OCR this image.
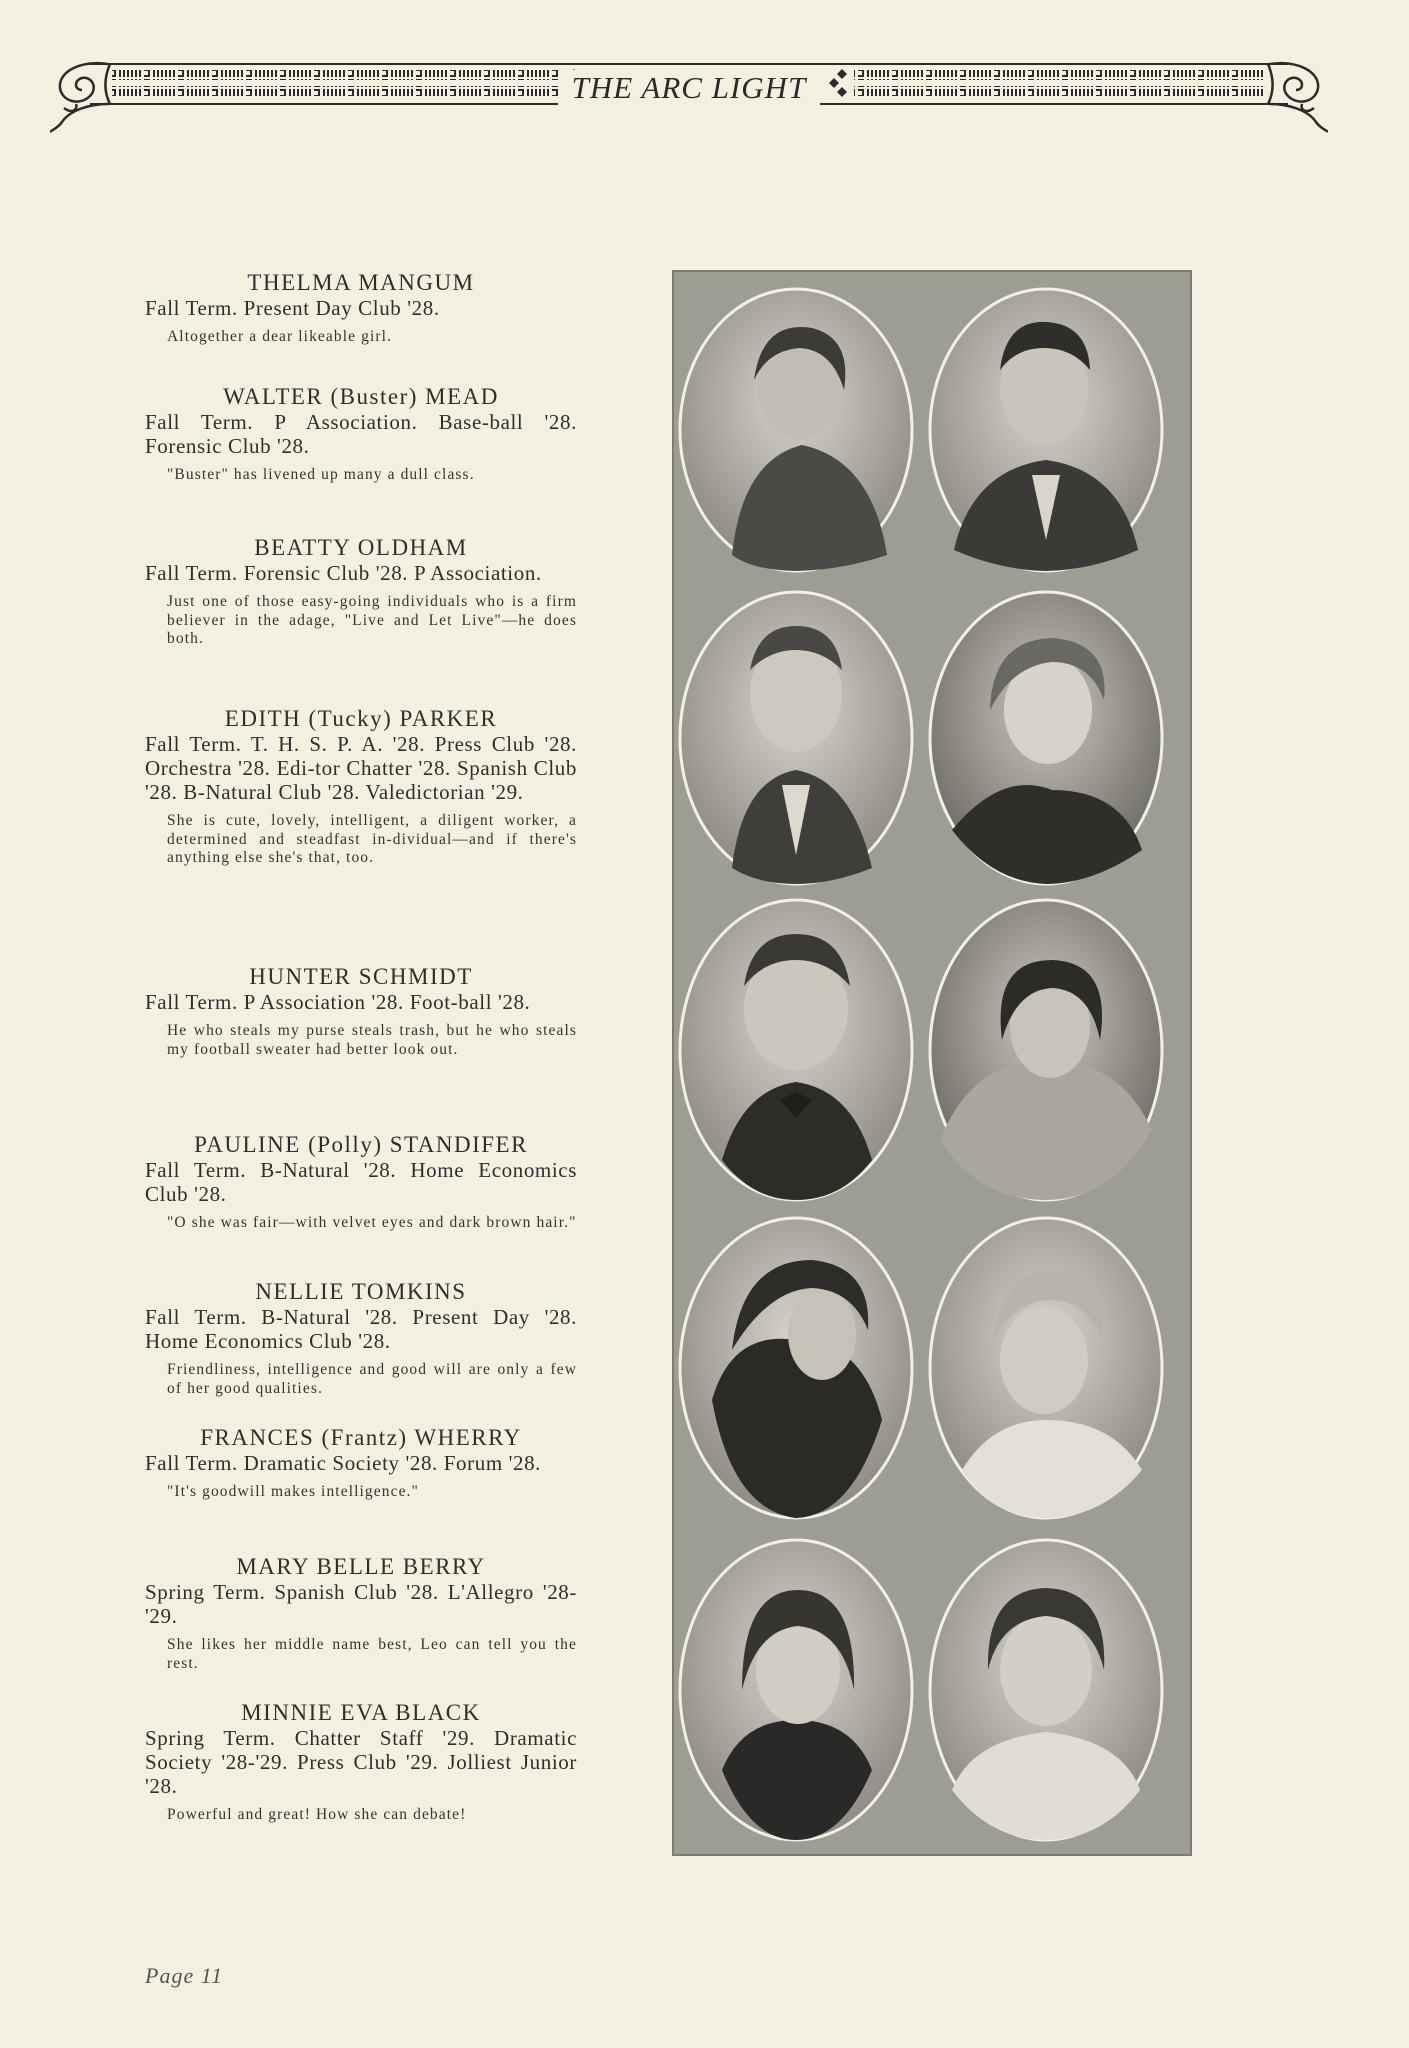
THE ARC LIGHT
THELMA MANGUM
Fall Term. Present Day Club '28.
Altogether a dear likeable girl.
WALTER (Buster) MEAD
Fall Term. P Association. Base-ball '28. Forensic Club '28.
"Buster" has livened up many a dull class.
BEATTY OLDHAM
Fall Term. Forensic Club '28. P Association.
Just one of those easy-going individuals who is a firm believer in the adage, "Live and Let Live"—he does both.
EDITH (Tucky) PARKER
Fall Term. T. H. S. P. A. '28. Press Club '28. Orchestra '28. Edi-tor Chatter '28. Spanish Club '28. B-Natural Club '28. Valedictorian '29.
She is cute, lovely, intelligent, a diligent worker, a determined and steadfast in-dividual—and if there's anything else she's that, too.
HUNTER SCHMIDT
Fall Term. P Association '28. Foot-ball '28.
He who steals my purse steals trash, but he who steals my football sweater had better look out.
PAULINE (Polly) STANDIFER
Fall Term. B-Natural '28. Home Economics Club '28.
"O she was fair—with velvet eyes and dark brown hair."
NELLIE TOMKINS
Fall Term. B-Natural '28. Present Day '28. Home Economics Club '28.
Friendliness, intelligence and good will are only a few of her good qualities.
FRANCES (Frantz) WHERRY
Fall Term. Dramatic Society '28. Forum '28.
"It's goodwill makes intelligence."
MARY BELLE BERRY
Spring Term. Spanish Club '28. L'Allegro '28-'29.
She likes her middle name best, Leo can tell you the rest.
MINNIE EVA BLACK
Spring Term. Chatter Staff '29. Dramatic Society '28-'29. Press Club '29. Jolliest Junior '28.
Powerful and great! How she can debate!
Page 11
